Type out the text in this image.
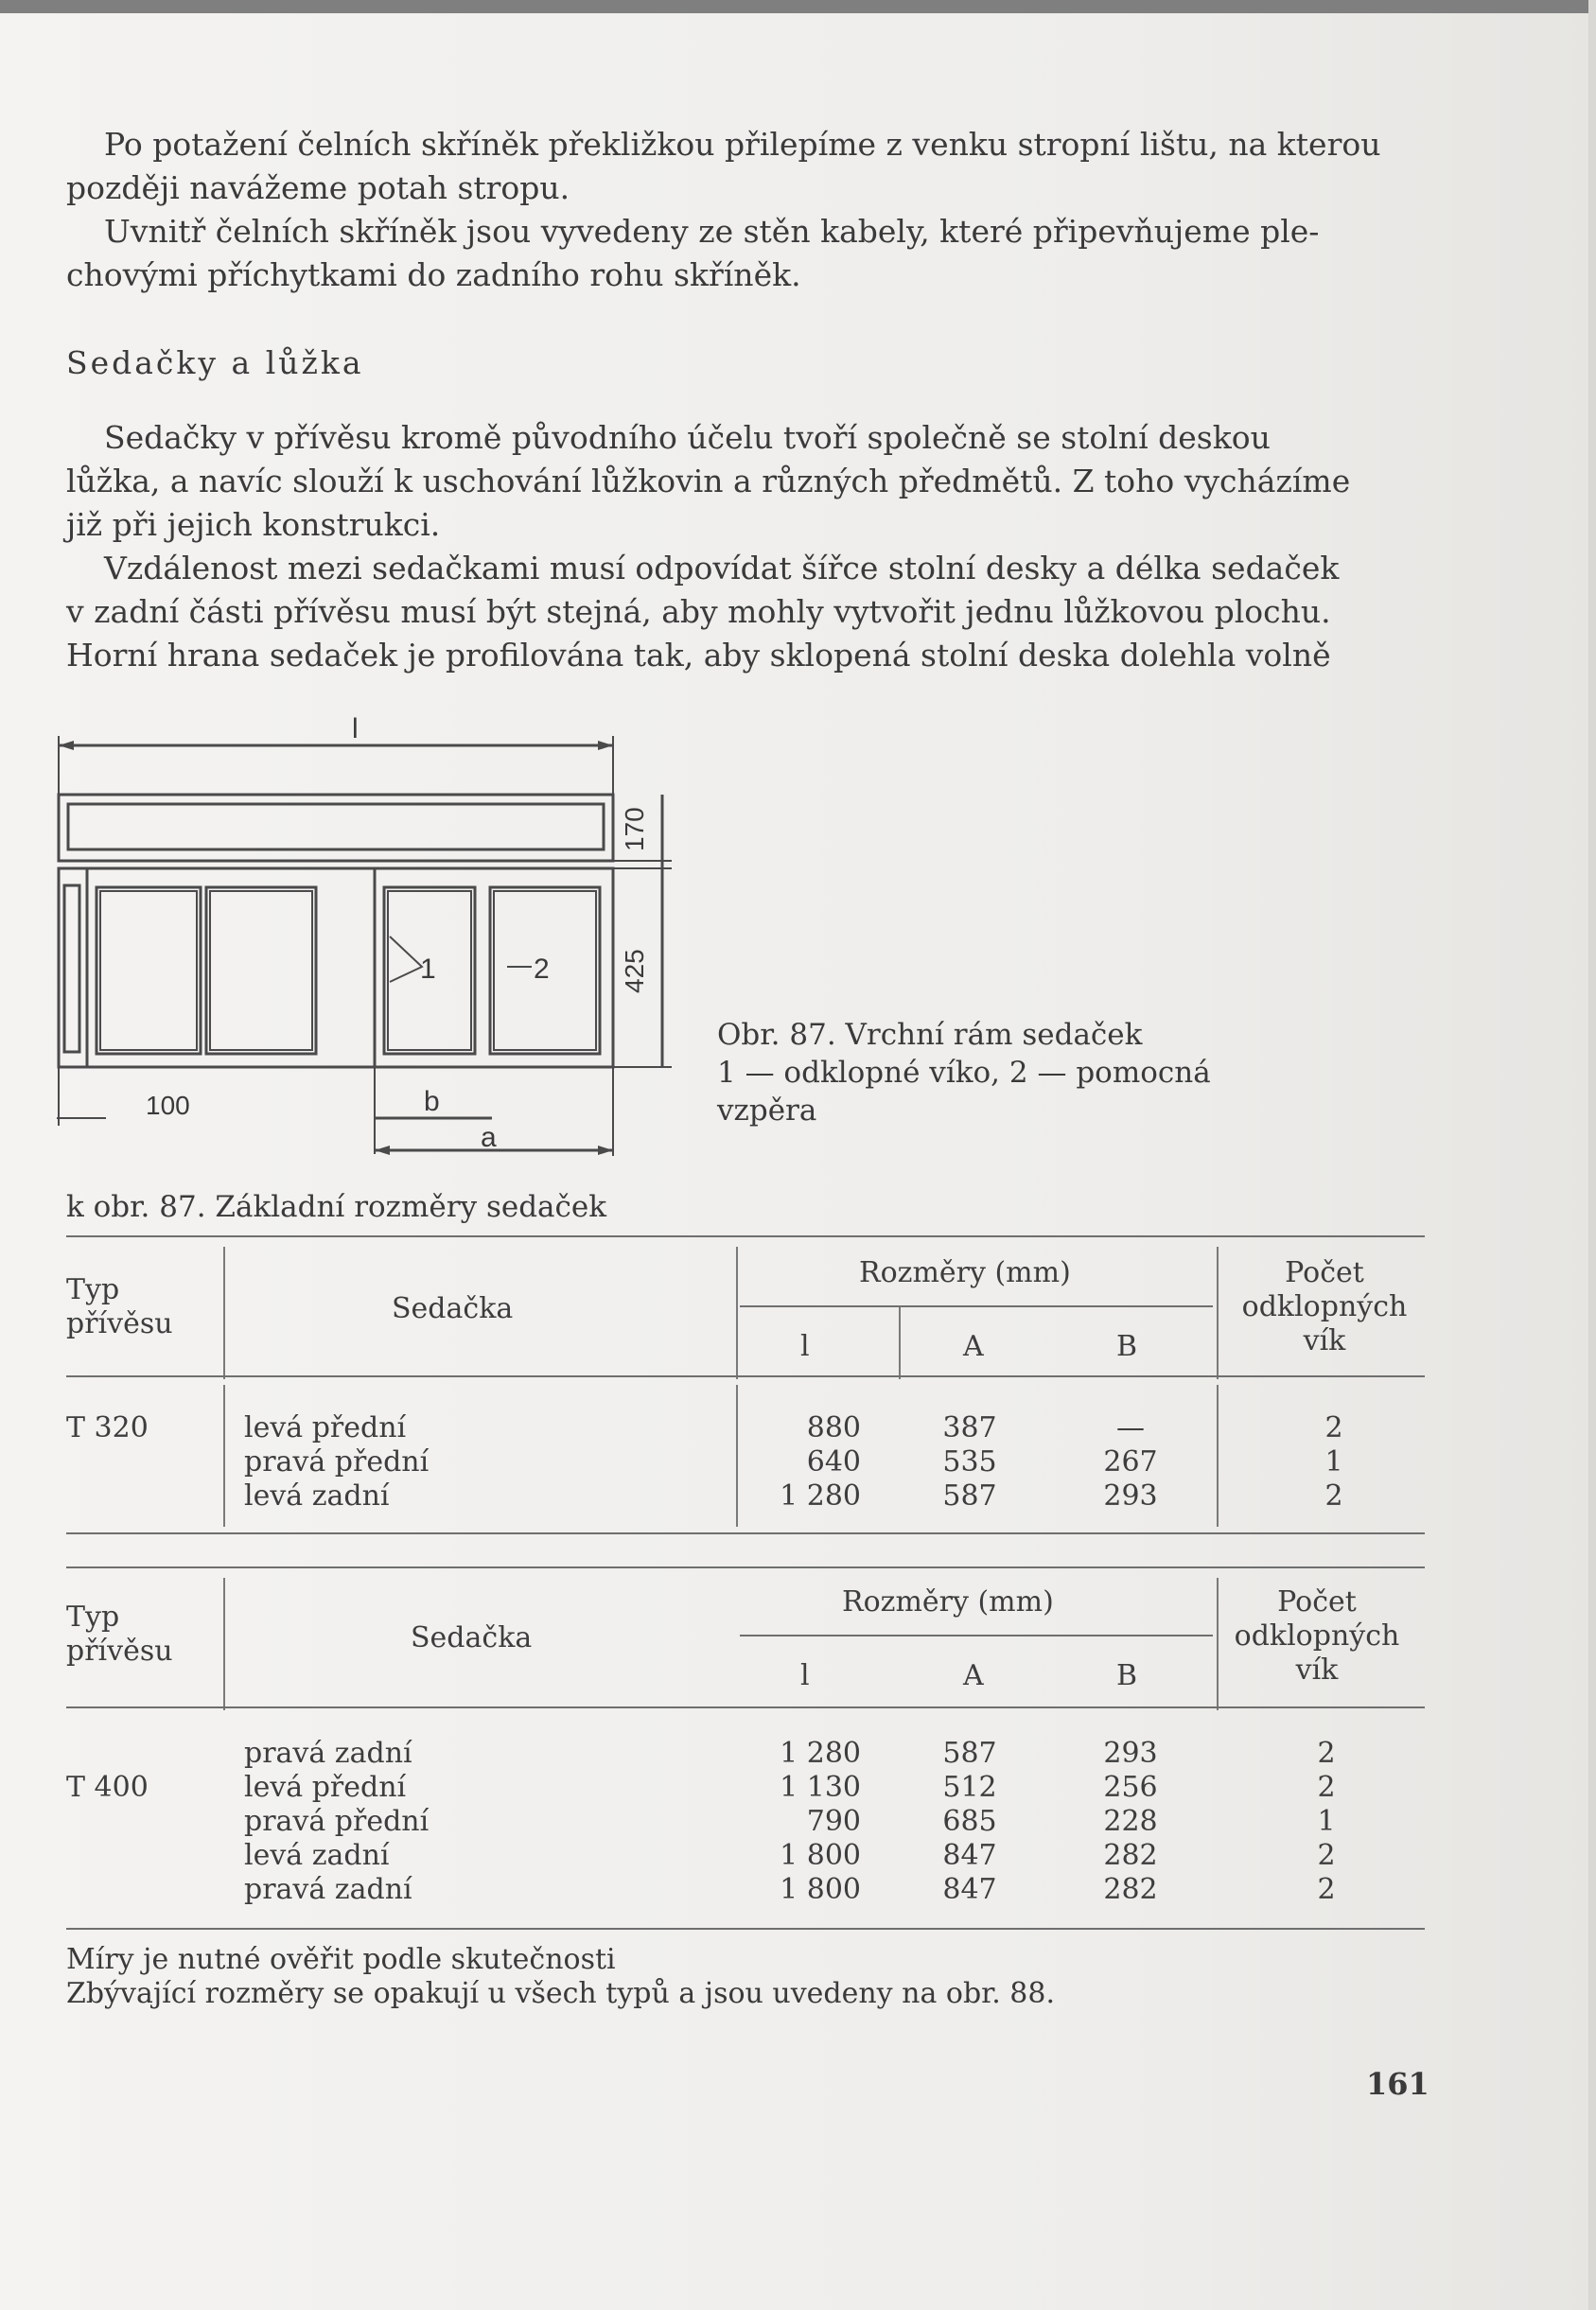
Po potažení čelních skříněk překližkou přilepíme z venku stropní lištu, na kterou
později navážeme potah stropu.
Uvnitř čelních skříněk jsou vyvedeny ze stěn kabely, které připevňujeme ple-
chovými příchytkami do zadního rohu skříněk.
Sedačky a lůžka
Sedačky v přívěsu kromě původního účelu tvoří společně se stolní deskou
lůžka, a navíc slouží k uschování lůžkovin a různých předmětů. Z toho vycházíme
již při jejich konstrukci.
Vzdálenost mezi sedačkami musí odpovídat šířce stolní desky a délka sedaček
v zadní části přívěsu musí být stejná, aby mohly vytvořit jednu lůžkovou plochu.
Horní hrana sedaček je profilována tak, aby sklopená stolní deska dolehla volně
l
170
425
1	2
100	b
a
Obr. 87. Vrchní rám sedaček
1 — odklopné víko, 2 — pomocná
vzpěra
k obr. 87. Základní rozměry sedaček
Typ
přívěsu	Sedačka
Rozměry (mm)
l	A	B
Počet
odklopných
vík
T 320	levá přední	880	387	—	2
pravá přední	640	535	267	1
levá zadní	1 280	587	293	2
Typ
přívěsu	Sedačka
Rozměry (mm)
l	A	B
Počet
odklopných
vík
T 400
pravá zadní	1 280	587	293	2
levá přední	1 130	512	256	2
pravá přední	790	685	228	1
levá zadní	1 800	847	282	2
pravá zadní	1 800	847	282	2
Míry je nutné ověřit podle skutečnosti
Zbývající rozměry se opakují u všech typů a jsou uvedeny na obr. 88.
161
